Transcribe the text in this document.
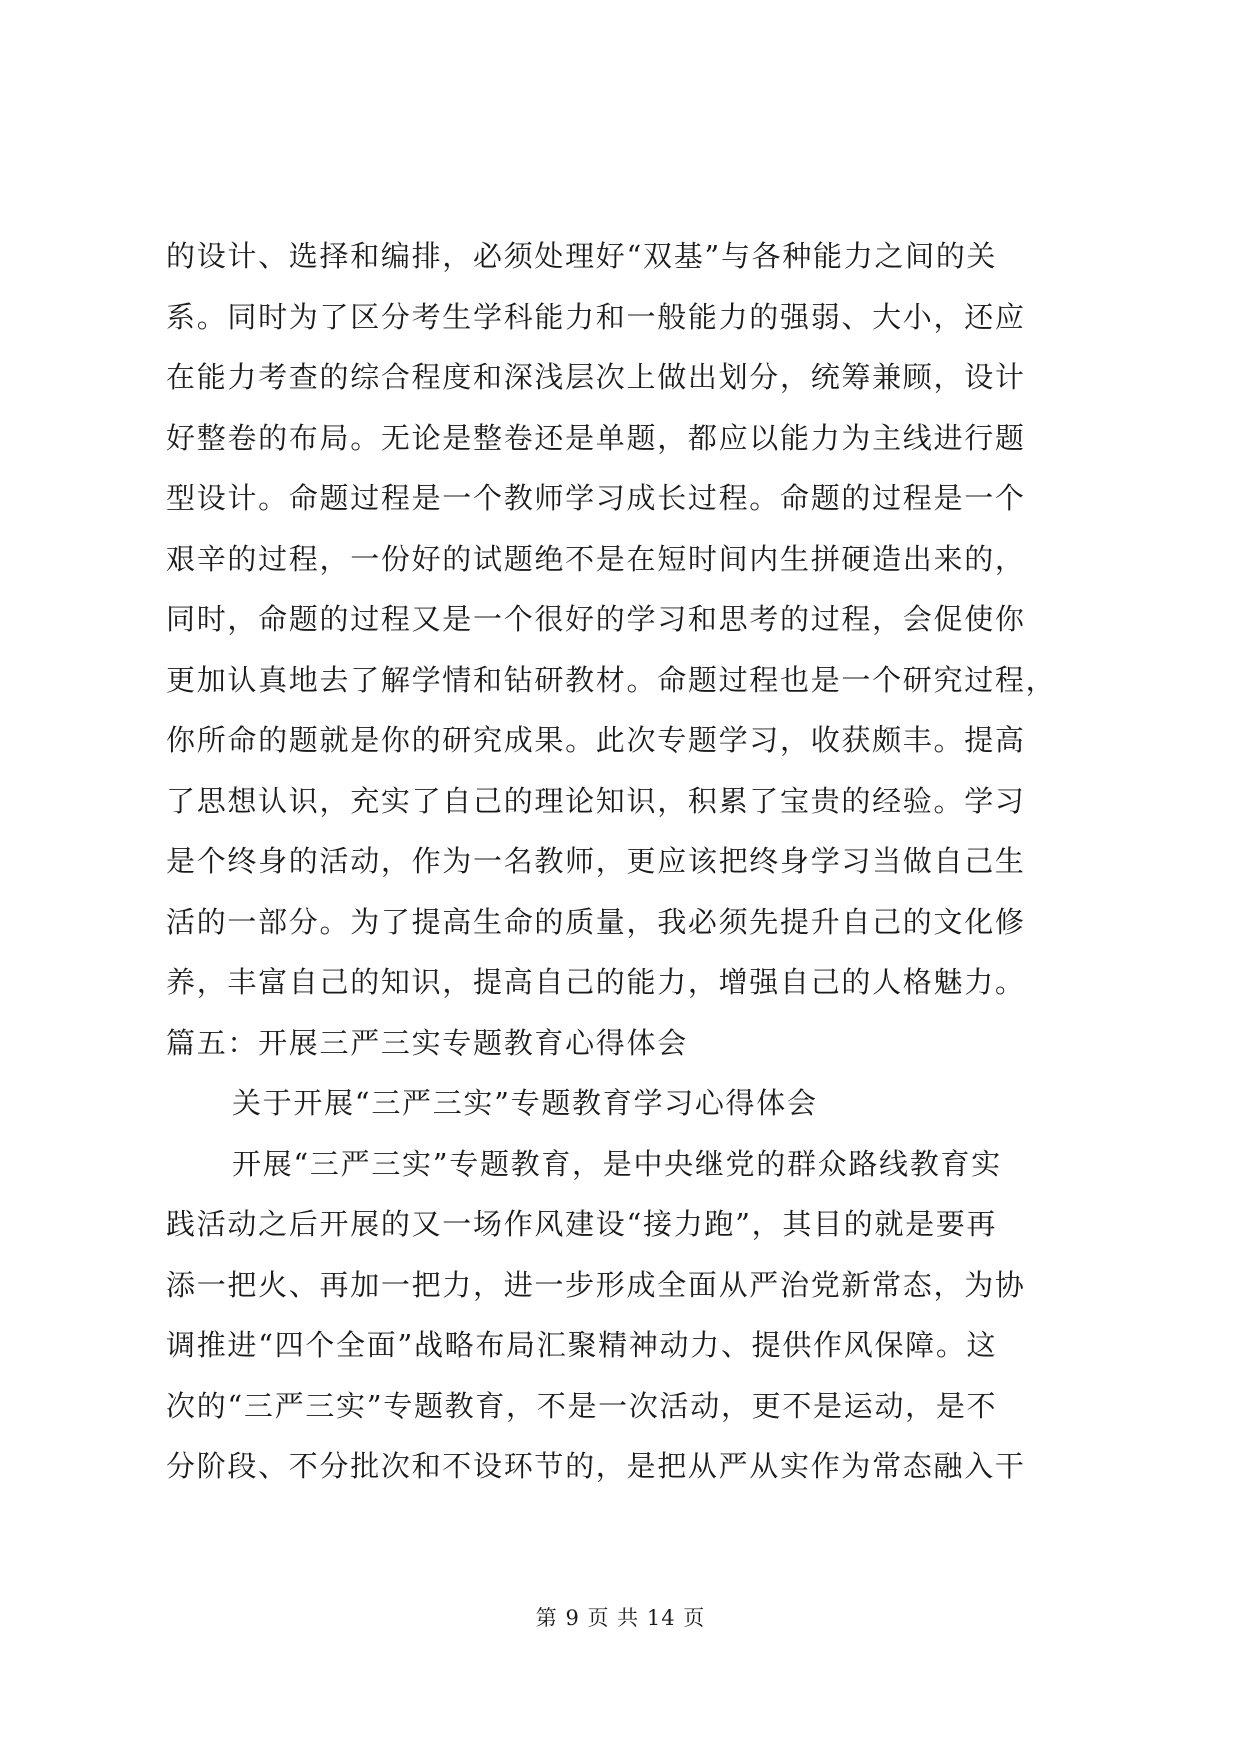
的设计、选择和编排，必须处理好“双基”与各种能力之间的关
系。同时为了区分考生学科能力和一般能力的强弱、大小，还应
在能力考查的综合程度和深浅层次上做出划分，统筹兼顾，设计
好整卷的布局。无论是整卷还是单题，都应以能力为主线进行题
型设计。命题过程是一个教师学习成长过程。命题的过程是一个
艰辛的过程，一份好的试题绝不是在短时间内生拼硬造出来的，
同时，命题的过程又是一个很好的学习和思考的过程，会促使你
更加认真地去了解学情和钻研教材。命题过程也是一个研究过程，
你所命的题就是你的研究成果。此次专题学习，收获颇丰。提高
了思想认识，充实了自己的理论知识，积累了宝贵的经验。学习
是个终身的活动，作为一名教师，更应该把终身学习当做自己生
活的一部分。为了提高生命的质量，我必须先提升自己的文化修
养，丰富自己的知识，提高自己的能力，增强自己的人格魅力。
篇五：开展三严三实专题教育心得体会
关于开展“三严三实”专题教育学习心得体会
开展“三严三实”专题教育，是中央继党的群众路线教育实
践活动之后开展的又一场作风建设“接力跑”，其目的就是要再
添一把火、再加一把力，进一步形成全面从严治党新常态，为协
调推进“四个全面”战略布局汇聚精神动力、提供作风保障。这
次的“三严三实”专题教育，不是一次活动，更不是运动，是不
分阶段、不分批次和不设环节的，是把从严从实作为常态融入干
第 9 页 共 14 页
